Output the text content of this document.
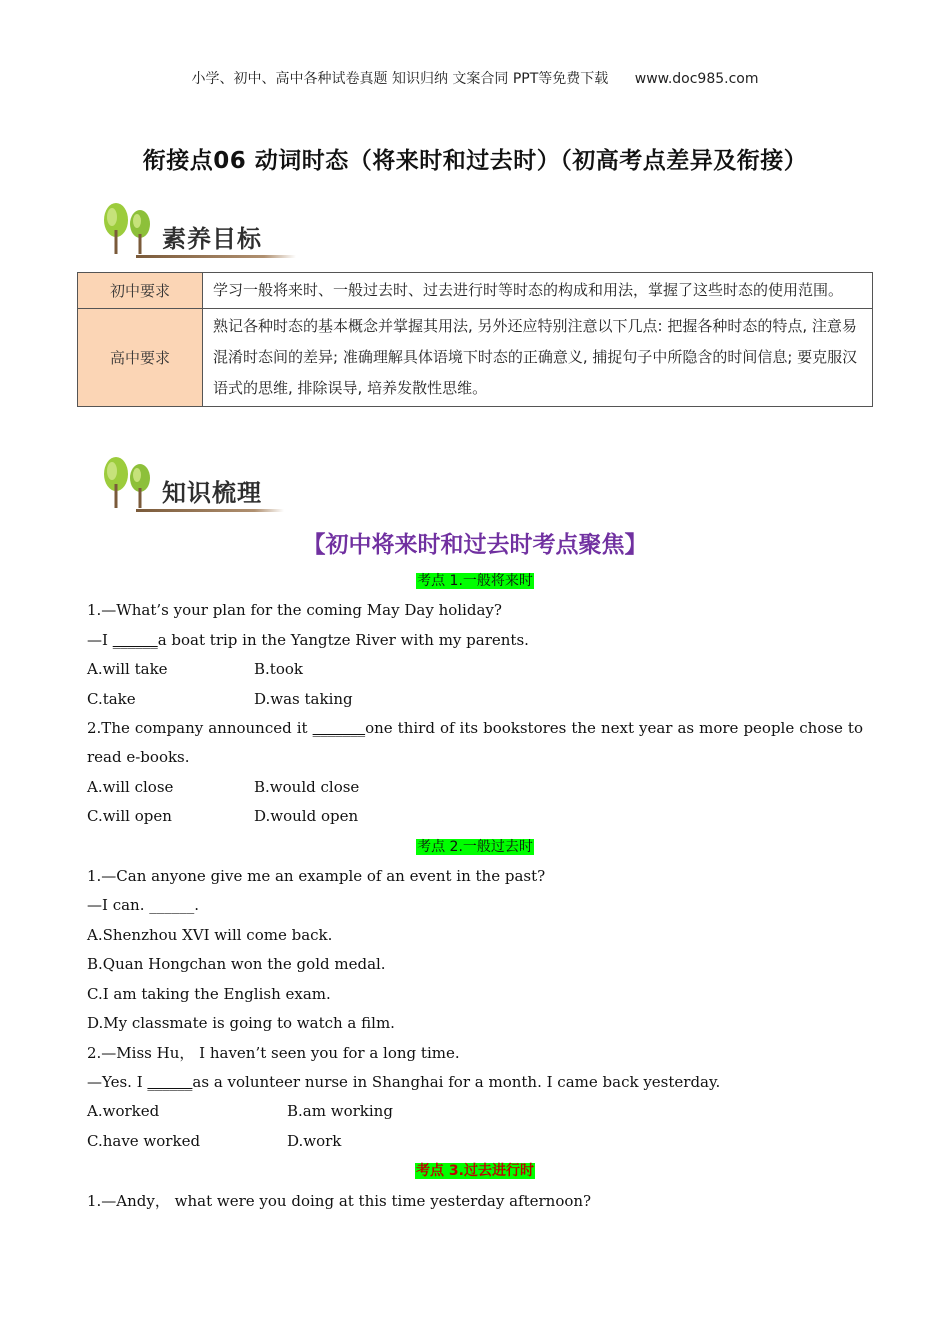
小学、初中、高中各种试卷真题 知识归纳 文案合同 PPT等免费下载 www.doc985.com
衔接点06 动词时态（将来时和过去时）（初高考点差异及衔接）
素养目标
初中要求	学习一般将来时、一般过去时、过去进行时等时态的构成和用法，掌握了这些时态的使用范围。
高中要求	熟记各种时态的基本概念并掌握其用法, 另外还应特别注意以下几点: 把握各种时态的特点, 注意易混淆时态间的差异; 准确理解具体语境下时态的正确意义, 捕捉句子中所隐含的时间信息; 要克服汉语式的思维, 排除误导, 培养发散性思维。
知识梳理
【初中将来时和过去时考点聚焦】
考点 1.一般将来时
1.—What’s your plan for the coming May Day holiday?
—I ______a boat trip in the Yangtze River with my parents.
A.will take	B.took
C.take	D.was taking
2.The company announced it _______one third of its bookstores the next year as more people chose to read e-books.
A.will close	B.would close
C.will open	D.would open
考点 2.一般过去时
1.—Can anyone give me an example of an event in the past?
—I can. ______.
A.Shenzhou XVI will come back.
B.Quan Hongchan won the gold medal.
C.I am taking the English exam.
D.My classmate is going to watch a film.
2.—Miss Hu， I haven’t seen you for a long time.
—Yes. I ______as a volunteer nurse in Shanghai for a month. I came back yesterday.
A.worked	B.am working
C.have worked	D.work
考点 3.过去进行时
1.—Andy， what were you doing at this time yesterday afternoon?
